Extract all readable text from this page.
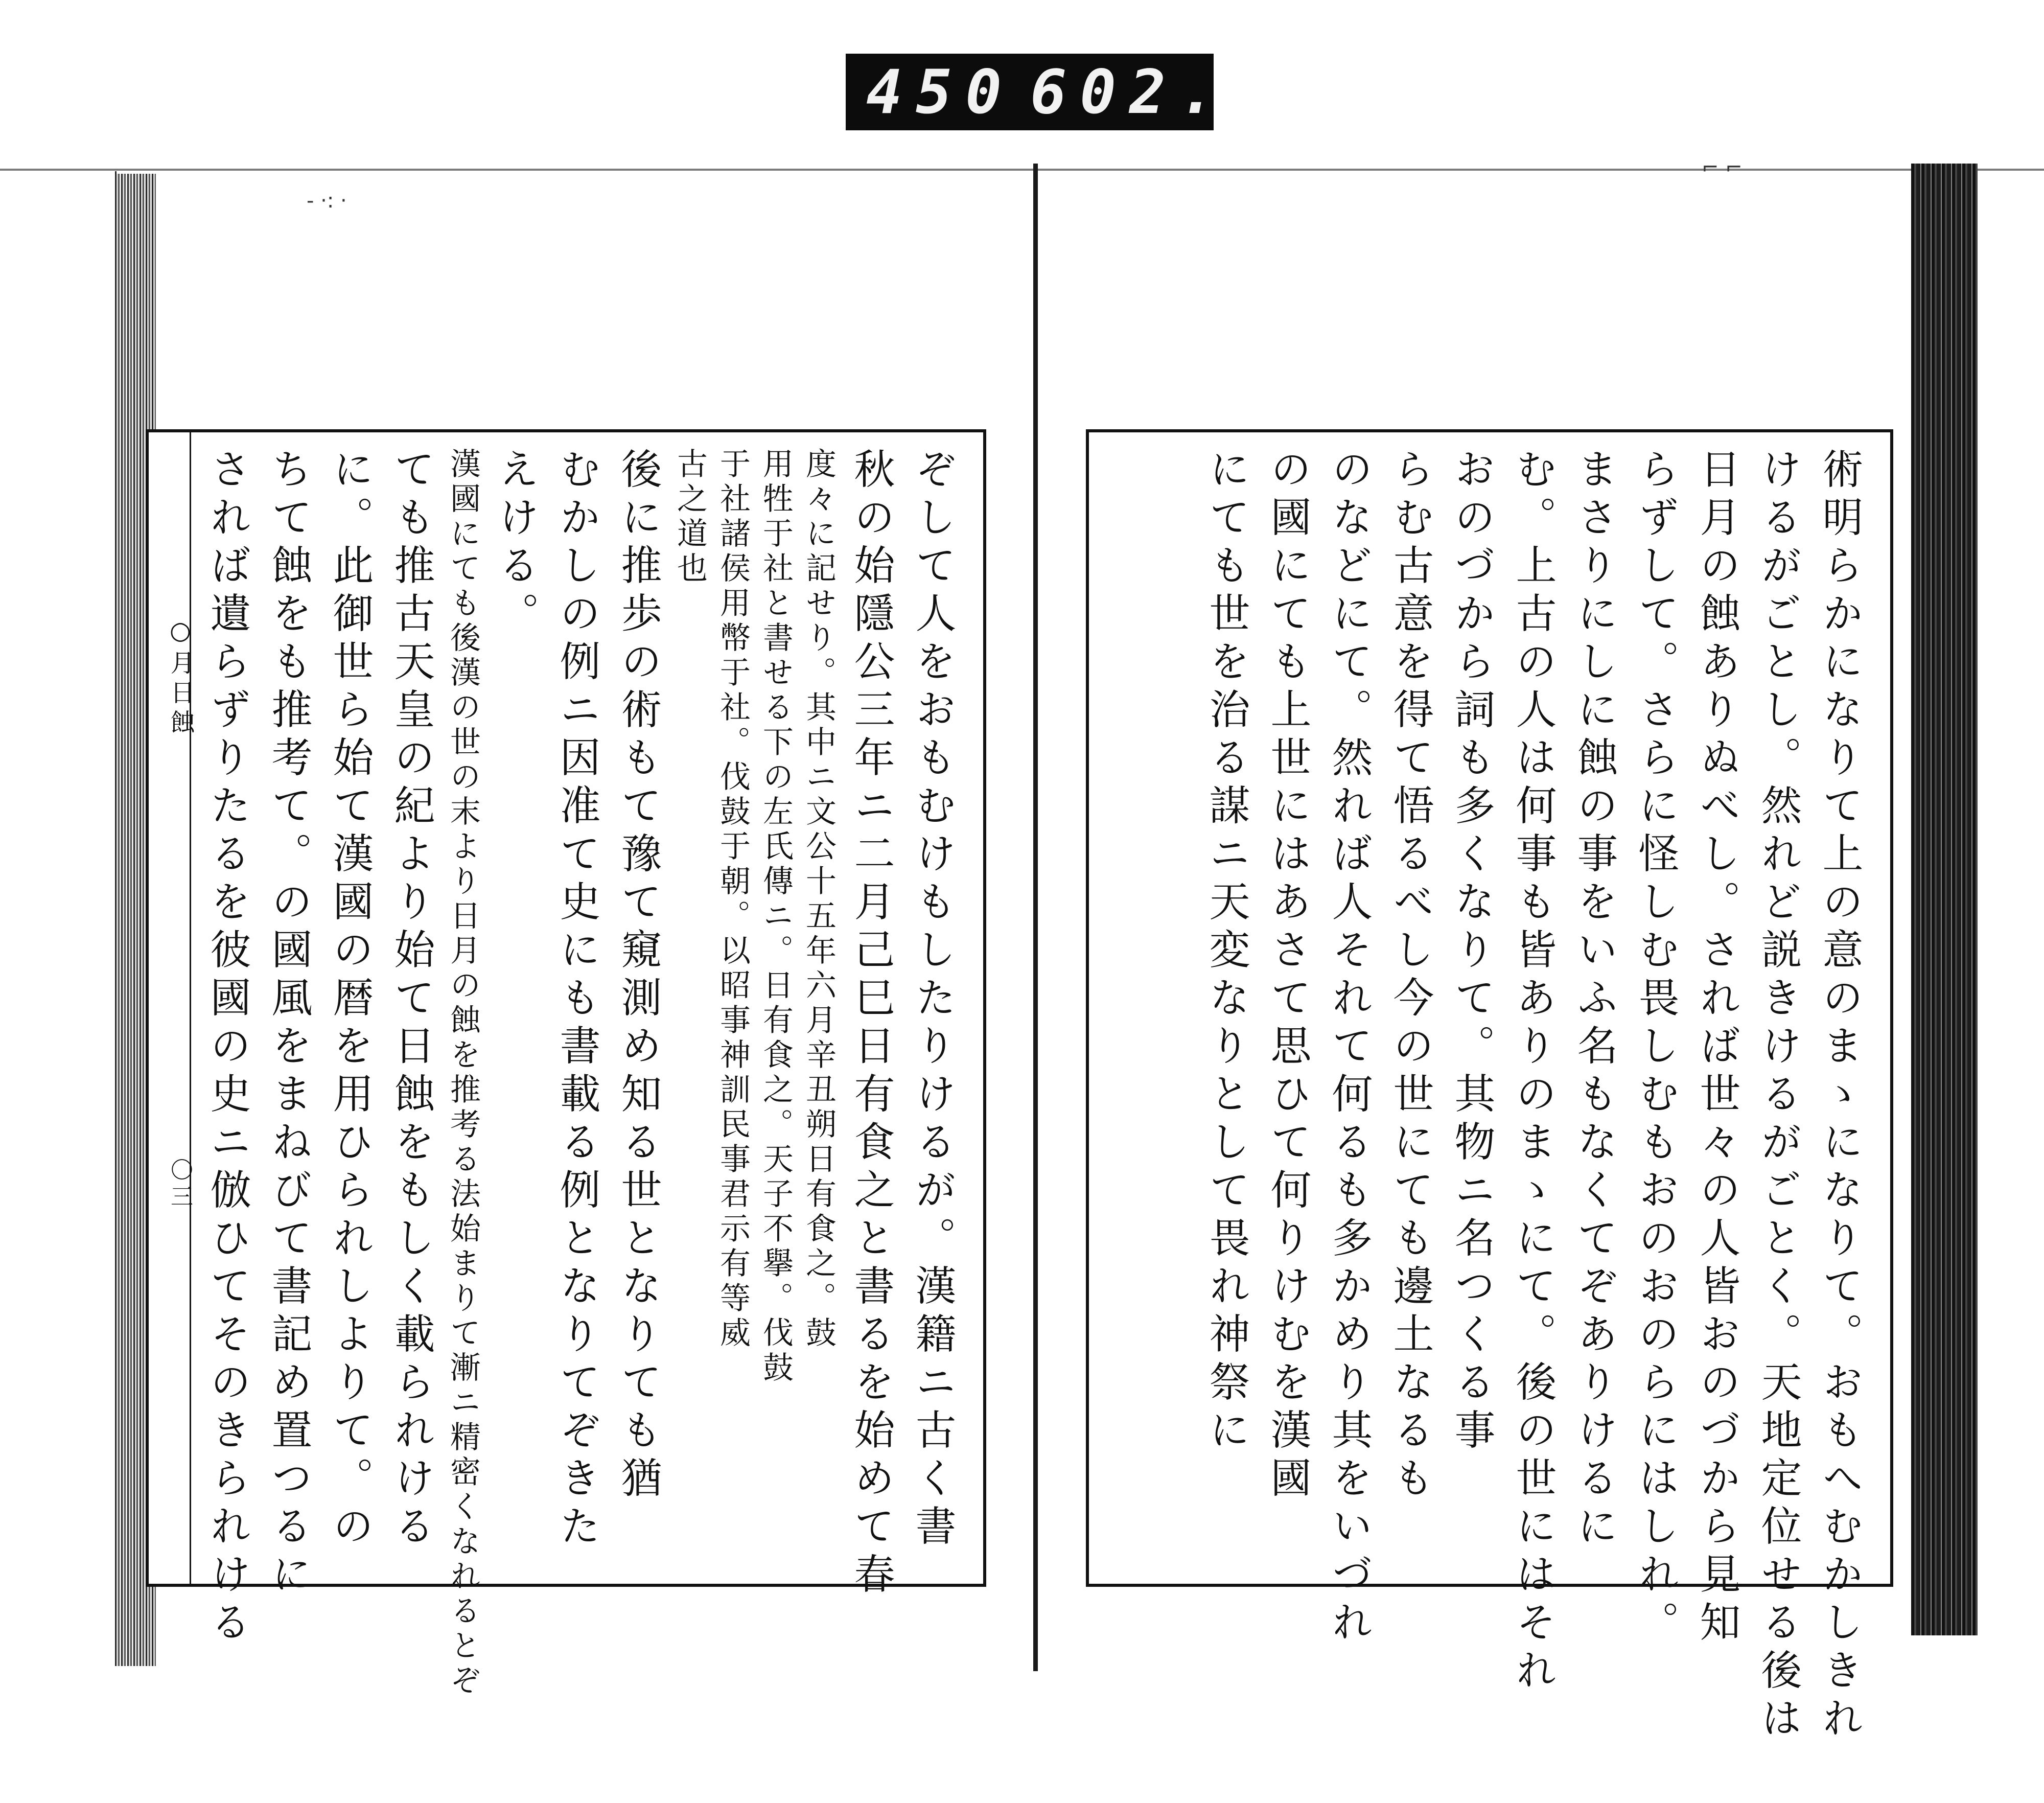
450 602.
○月日蝕
〇三	ぞして人をおもむけもしたりけるが。漢籍ニ古く書
秋の始隱公三年ニ二月己巳日有食之と書るを始めて春
度々に記せり。其中ニ文公十五年六月辛丑朔日有食之。鼓
用牲于社と書せる下の左氏傳ニ。日有食之。天子不擧。伐鼓
于社諸侯用幣于社。伐鼓于朝。以昭事神訓民事君示有等威
古之道也
後に推歩の術もて豫て窺測め知る世となりても猶
むかしの例ニ因准て史にも書載る例となりてぞきた
えける。
漢國にても後漢の世の末より日月の蝕を推考る法始まりて漸ニ精密くなれるとぞ
ても推古天皇の紀より始て日蝕をもしく載られける
に。此御世ら始て漢國の暦を用ひられしよりて。の
ちて蝕をも推考て。の國風をまねびて書記め置つるに
されば遺らずりたるを彼國の史ニ倣ひてそのきられける	術明らかになりて上の意のまゝになりて。おもへむかしきれ
けるがごとし。然れど説きけるがごとく。天地定位せる後は
日月の蝕ありぬべし。されば世々の人皆おのづから見知
らずして。さらに怪しむ畏しむもおのおのらにはしれ。
まさりにしに蝕の事をいふ名もなくてぞありけるに
む。上古の人は何事も皆ありのまゝにて。後の世にはそれ
おのづから詞も多くなりて。其物ニ名つくる事
らむ古意を得て悟るべし今の世にても邊土なるも
のなどにて。然れば人それて何るも多かめり其をいづれ
の國にても上世にはあさて思ひて何りけむを漢國
にても世を治る謀ニ天変なりとして畏れ神祭に
- ·: ·
⌐ ⌐
